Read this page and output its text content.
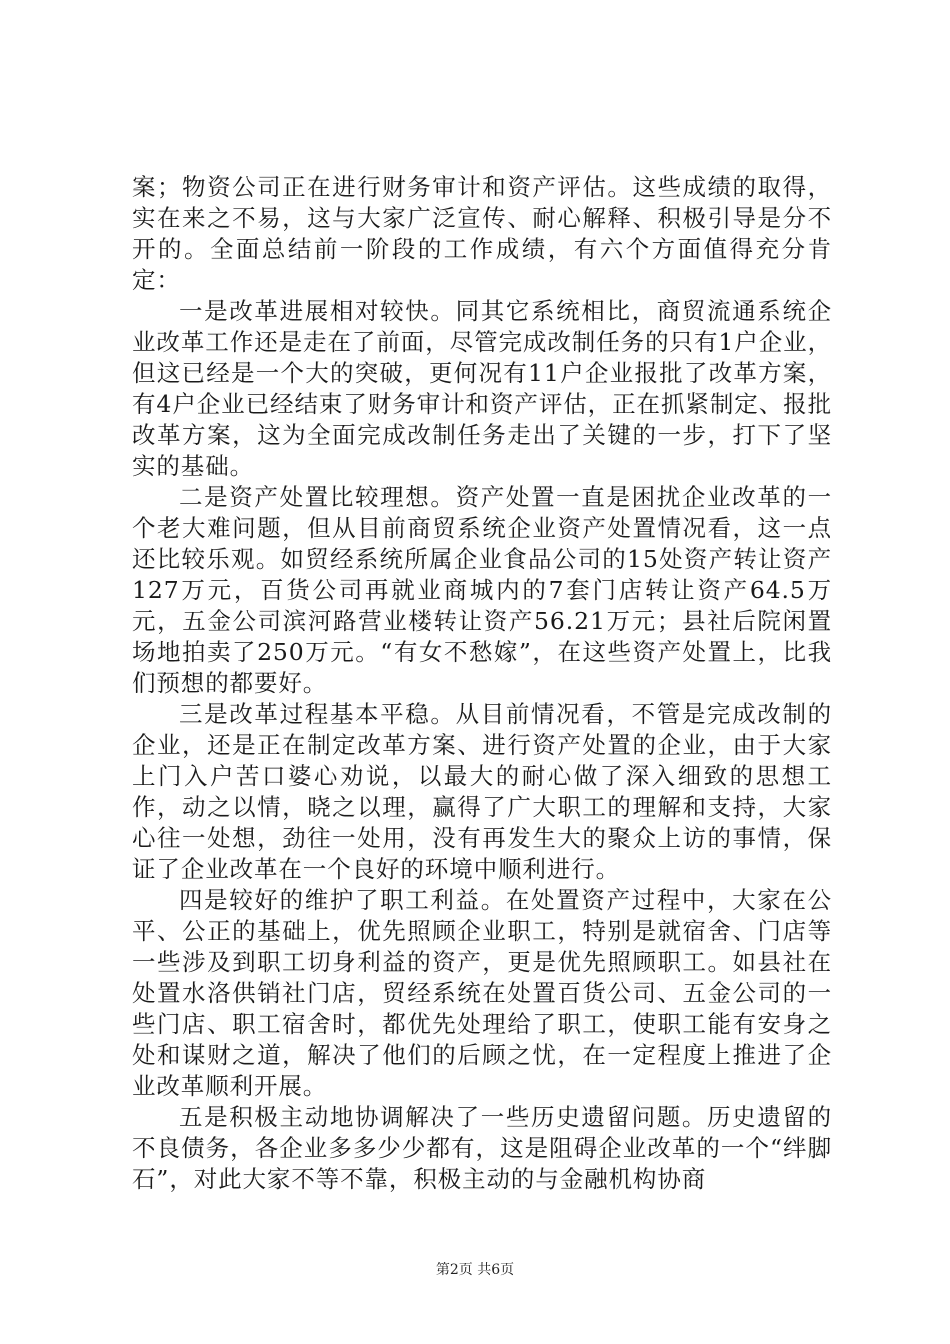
案；物资公司正在进行财务审计和资产评估。这些成绩的取得，实在来之不易，这与大家广泛宣传、耐心解释、积极引导是分不开的。全面总结前一阶段的工作成绩，有六个方面值得充分肯定：

一是改革进展相对较快。同其它系统相比，商贸流通系统企业改革工作还是走在了前面，尽管完成改制任务的只有1户企业，但这已经是一个大的突破，更何况有11户企业报批了改革方案，有4户企业已经结束了财务审计和资产评估，正在抓紧制定、报批改革方案，这为全面完成改制任务走出了关键的一步，打下了坚实的基础。

二是资产处置比较理想。资产处置一直是困扰企业改革的一个老大难问题，但从目前商贸系统企业资产处置情况看，这一点还比较乐观。如贸经系统所属企业食品公司的15处资产转让资产127万元，百货公司再就业商城内的7套门店转让资产64.5万元，五金公司滨河路营业楼转让资产56.21万元；县社后院闲置场地拍卖了250万元。“有女不愁嫁”，在这些资产处置上，比我们预想的都要好。

三是改革过程基本平稳。从目前情况看，不管是完成改制的企业，还是正在制定改革方案、进行资产处置的企业，由于大家上门入户苦口婆心劝说，以最大的耐心做了深入细致的思想工作，动之以情，晓之以理，赢得了广大职工的理解和支持，大家心往一处想，劲往一处用，没有再发生大的聚众上访的事情，保证了企业改革在一个良好的环境中顺利进行。

四是较好的维护了职工利益。在处置资产过程中，大家在公平、公正的基础上，优先照顾企业职工，特别是就宿舍、门店等一些涉及到职工切身利益的资产，更是优先照顾职工。如县社在处置水洛供销社门店，贸经系统在处置百货公司、五金公司的一些门店、职工宿舍时，都优先处理给了职工，使职工能有安身之处和谋财之道，解决了他们的后顾之忧，在一定程度上推进了企业改革顺利开展。

五是积极主动地协调解决了一些历史遗留问题。历史遗留的不良债务，各企业多多少少都有，这是阻碍企业改革的一个“绊脚石”，对此大家不等不靠，积极主动的与金融机构协商

第2页 共6页
